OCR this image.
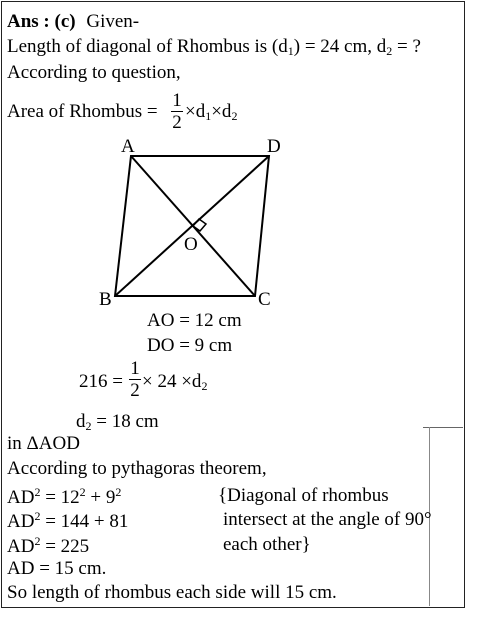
Ans : (c) Given-
Length of diagonal of Rhombus is $(d_1) = 24$ cm, $d_2$ = ?
According to question,
Area of Rhombus =
1
2
$\times d_1\times d_2$
A	D
B	C
O
AO = 12 cm
DO = 9 cm
216 =
1
$2 \times 24 \times d_2$
$d_2 = 18$ cm
in ΔAOD
According to pythagoras theorem,
$AD^2 = 12^2 + 9^2$
$AD^2 = 144 + 81$
$AD^2 = 225$
AD = 15 cm.
So length of rhombus each side will 15 cm.
{Diagonal of rhombus
intersect at the angle of 90°
each other}
